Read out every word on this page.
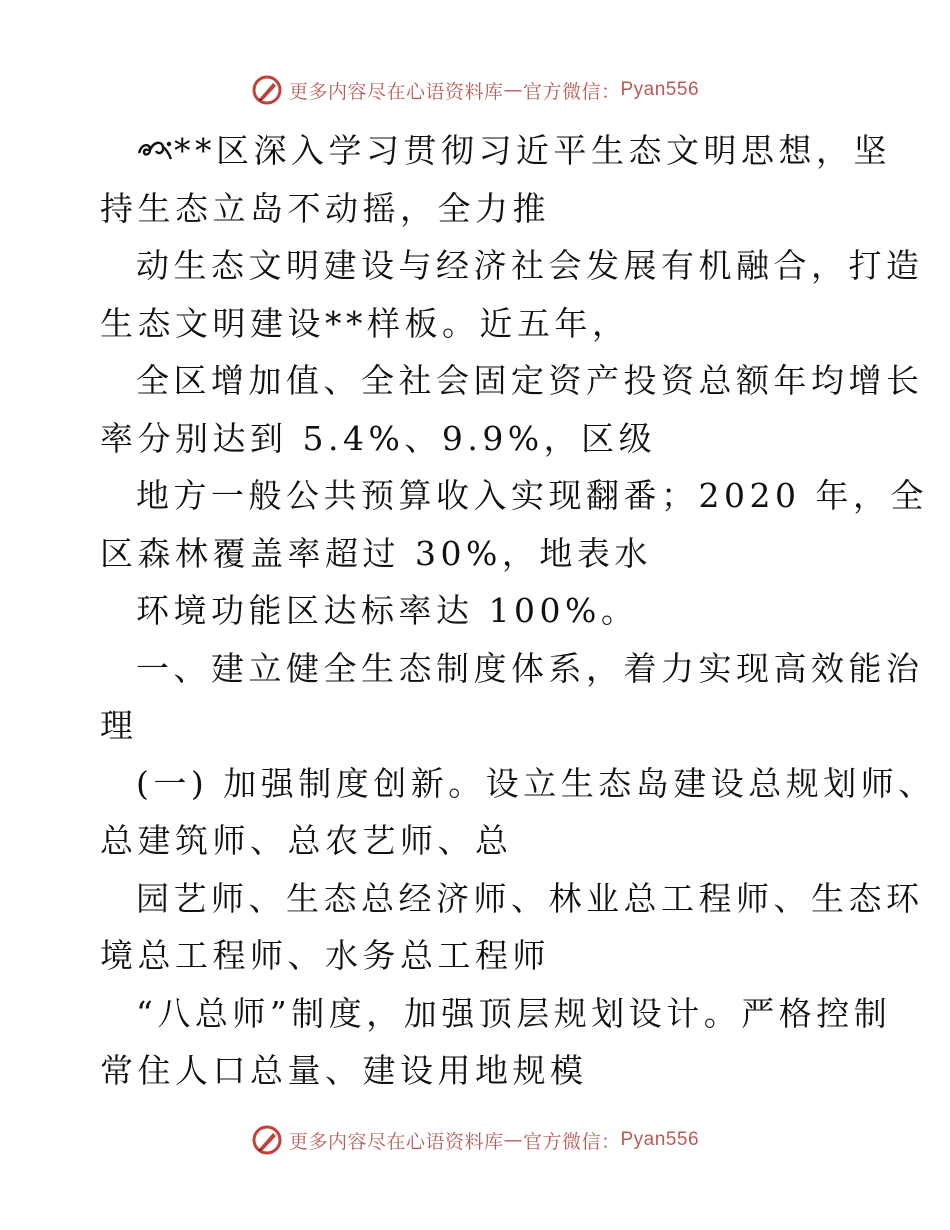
更多内容尽在心语资料库 — 官方微信： Pyan556

**区深入学习贯彻习近平生态文明思想，坚

持生态立岛不动摇，全力推

动生态文明建设与经济社会发展有机融合，打造

生态文明建设**样板。近五年，

全区增加值、全社会固定资产投资总额年均增长

率分别达到 5.4%、9.9%，区级

地方一般公共预算收入实现翻番；2020 年，全

区森林覆盖率超过 30%，地表水

环境功能区达标率达 100%。

一、建立健全生态制度体系，着力实现高效能治

理

(一) 加强制度创新。设立生态岛建设总规划师、

总建筑师、总农艺师、总

园艺师、生态总经济师、林业总工程师、生态环

境总工程师、水务总工程师

“八总师”制度，加强顶层规划设计。严格控制

常住人口总量、建设用地规模

更多内容尽在心语资料库 — 官方微信： Pyan556
